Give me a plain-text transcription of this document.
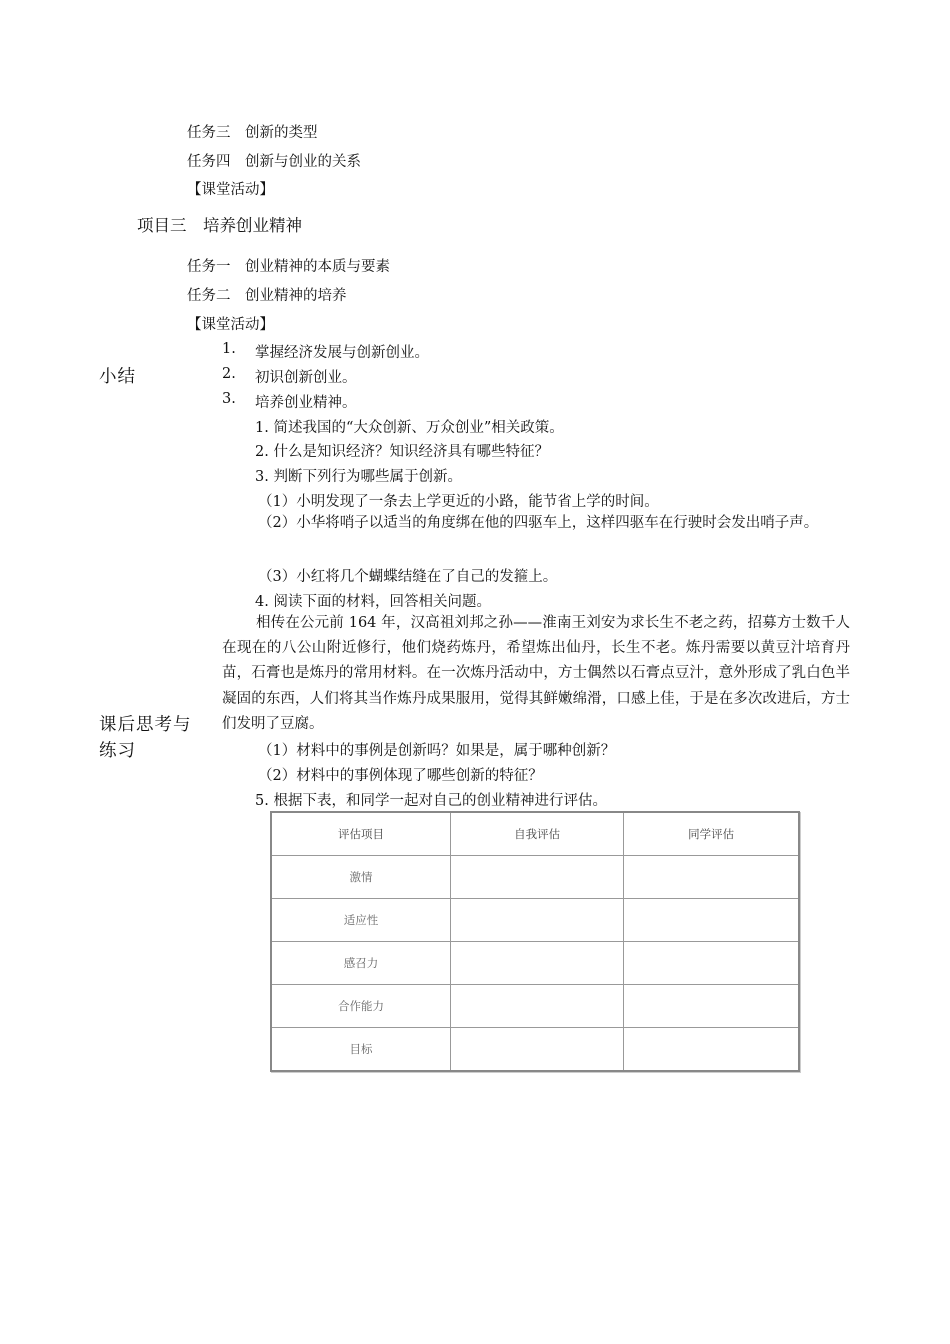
任务三　创新的类型
任务四　创新与创业的关系
【课堂活动】
项目三　培养创业精神
任务一　创业精神的本质与要素
任务二　创业精神的培养
【课堂活动】
小结
1. 掌握经济发展与创新创业。
2. 初识创新创业。
3. 培养创业精神。
课后思考与
练习
1. 简述我国的“大众创新、万众创业”相关政策。
2. 什么是知识经济？知识经济具有哪些特征？
3. 判断下列行为哪些属于创新。
（1）小明发现了一条去上学更近的小路，能节省上学的时间。
（2）小华将哨子以适当的角度绑在他的四驱车上，这样四驱车在行驶时会发出哨子声。
（3）小红将几个蝴蝶结缝在了自己的发箍上。
4. 阅读下面的材料，回答相关问题。
相传在公元前 164 年，汉高祖刘邦之孙——淮南王刘安为求长生不老之药，招募方士数千人在现在的八公山附近修行，他们烧药炼丹，希望炼出仙丹，长生不老。炼丹需要以黄豆汁培育丹苗，石膏也是炼丹的常用材料。在一次炼丹活动中，方士偶然以石膏点豆汁，意外形成了乳白色半凝固的东西，人们将其当作炼丹成果服用，觉得其鲜嫩绵滑，口感上佳，于是在多次改进后，方士们发明了豆腐。
（1）材料中的事例是创新吗？如果是，属于哪种创新？
（2）材料中的事例体现了哪些创新的特征？
5. 根据下表，和同学一起对自己的创业精神进行评估。
评估项目	自我评估	同学评估
激情		
适应性		
感召力		
合作能力		
目标		
